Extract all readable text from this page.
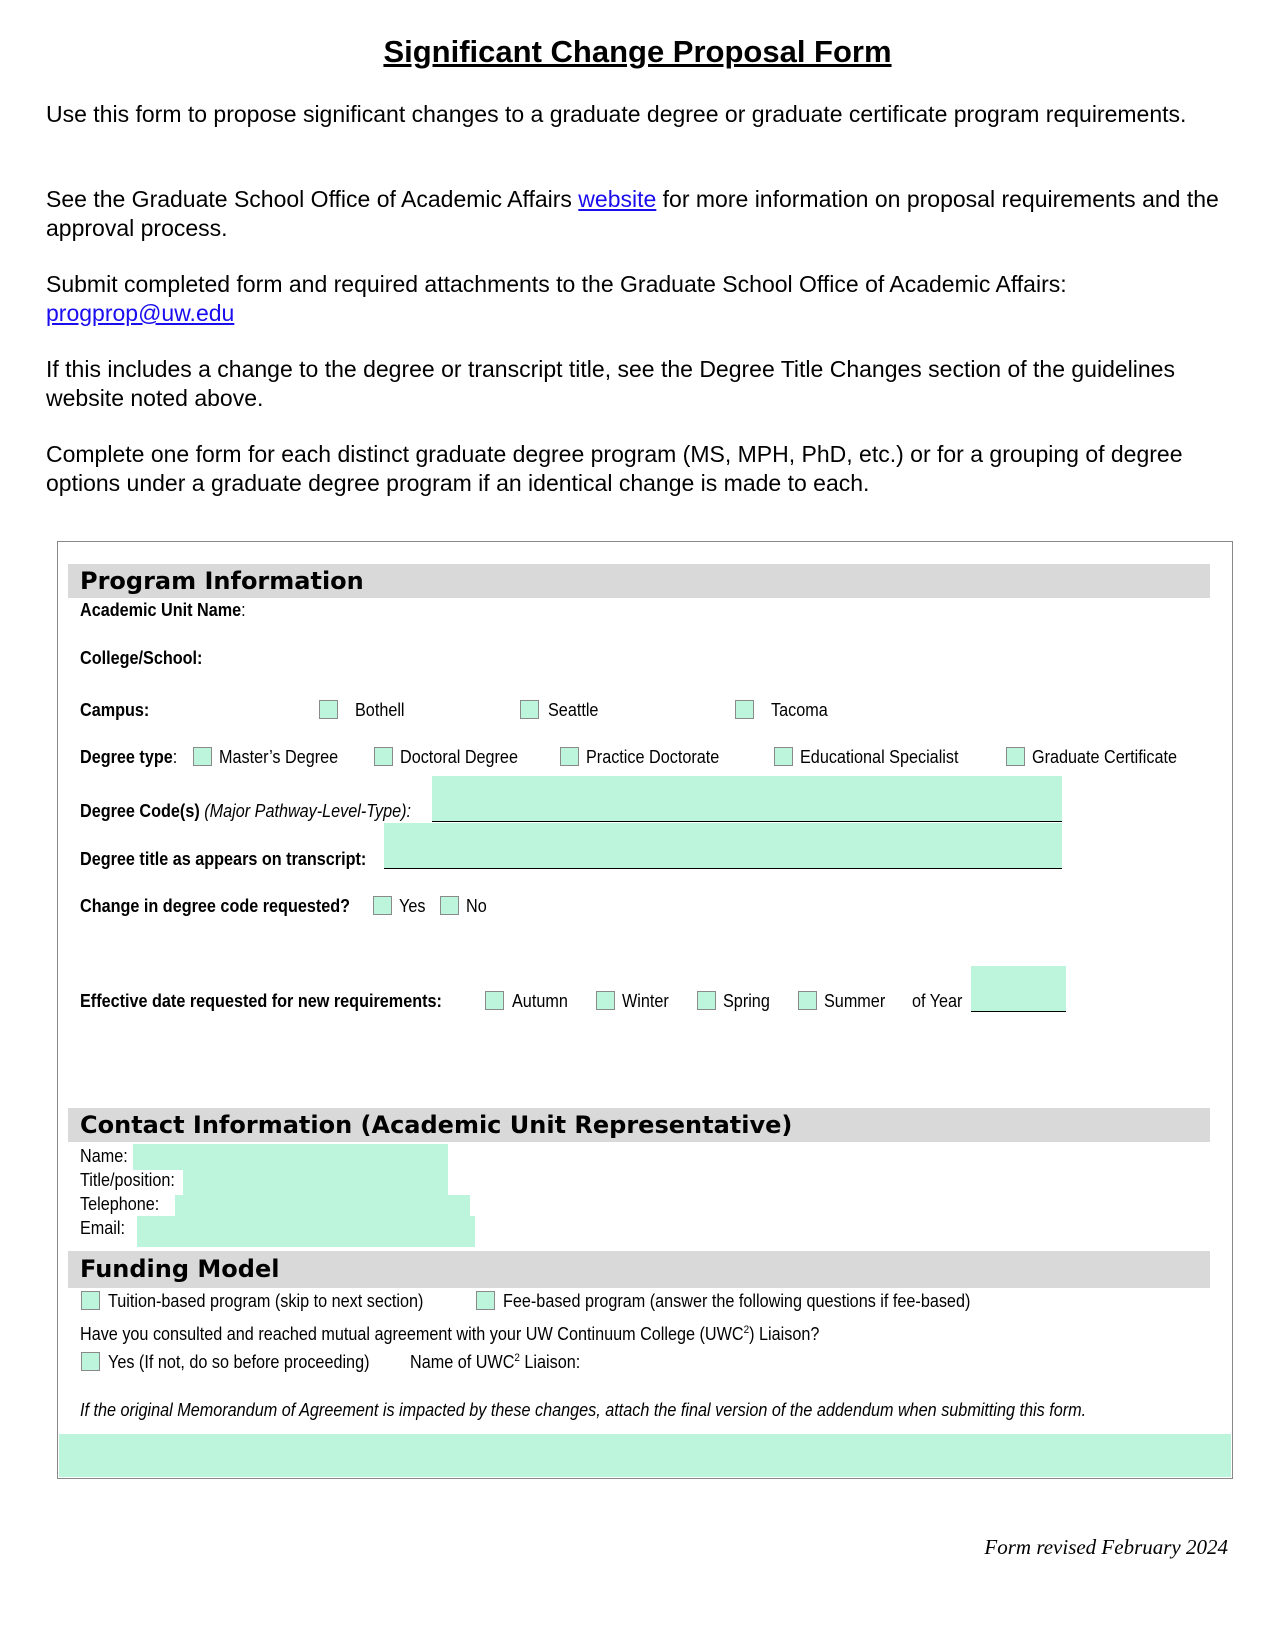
Significant Change Proposal Form
Use this form to propose significant changes to a graduate degree or graduate certificate program requirements.
See the Graduate School Office of Academic Affairs website for more information on proposal requirements and the approval process.
Submit completed form and required attachments to the Graduate School Office of Academic Affairs:
progprop@uw.edu
If this includes a change to the degree or transcript title, see the Degree Title Changes section of the guidelines website noted above.
Complete one form for each distinct graduate degree program (MS, MPH, PhD, etc.) or for a grouping of degree options under a graduate degree program if an identical change is made to each.
Program Information
Academic Unit Name:
College/School:
Campus:	Bothell	Seattle	Tacoma
Degree type: Master’s Degree	Doctoral Degree	Practice Doctorate	Educational Specialist	Graduate Certificate
Degree Code(s) (Major Pathway-Level-Type):
Degree title as appears on transcript:
Change in degree code requested?	Yes No
Effective date requested for new requirements:	Autumn	Winter	Spring	Summer of Year
Contact Information (Academic Unit Representative)
Name:
Title/position:
Telephone:
Email:
Funding Model
Tuition-based program (skip to next section)	Fee-based program (answer the following questions if fee-based)
Have you consulted and reached mutual agreement with your UW Continuum College (UWC$^2$) Liaison?
Yes (If not, do so before proceeding) Name of UWC$^2$ Liaison:
If the original Memorandum of Agreement is impacted by these changes, attach the final version of the addendum when submitting this form.
Form revised February 2024
